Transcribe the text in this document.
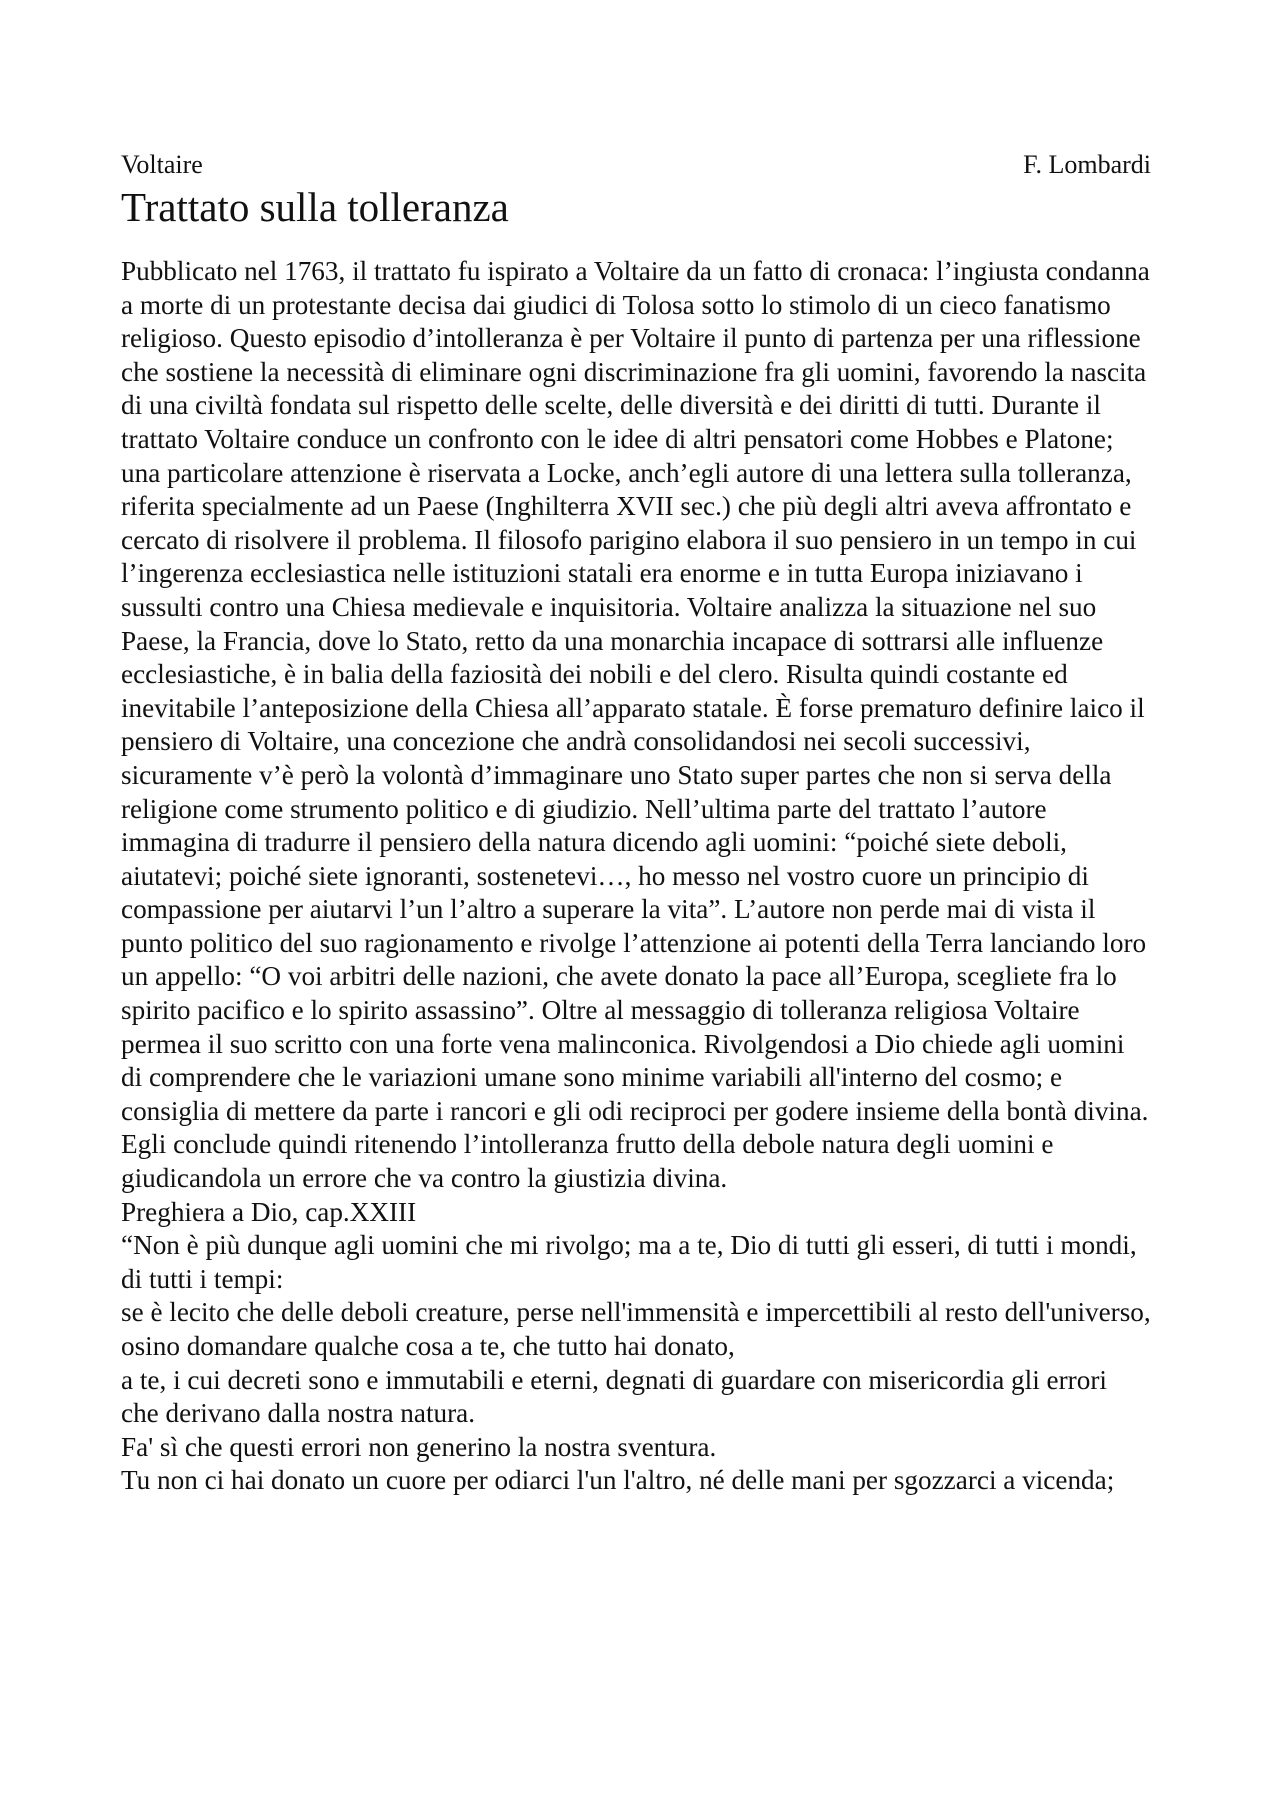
Voltaire	F. Lombardi
Trattato sulla tolleranza

Pubblicato nel 1763, il trattato fu ispirato a Voltaire da un fatto di cronaca: l’ingiusta condanna a morte di un protestante decisa dai giudici di Tolosa sotto lo stimolo di un cieco fanatismo religioso. Questo episodio d’intolleranza è per Voltaire il punto di partenza per una riflessione che sostiene la necessità di eliminare ogni discriminazione fra gli uomini, favorendo la nascita di una civiltà fondata sul rispetto delle scelte, delle diversità e dei diritti di tutti. Durante il trattato Voltaire conduce un confronto con le idee di altri pensatori come Hobbes e Platone; una particolare attenzione è riservata a Locke, anch’egli autore di una lettera sulla tolleranza, riferita specialmente ad un Paese (Inghilterra XVII sec.) che più degli altri aveva affrontato e cercato di risolvere il problema. Il filosofo parigino elabora il suo pensiero in un tempo in cui l’ingerenza ecclesiastica nelle istituzioni statali era enorme e in tutta Europa iniziavano i sussulti contro una Chiesa medievale e inquisitoria. Voltaire analizza la situazione nel suo Paese, la Francia, dove lo Stato, retto da una monarchia incapace di sottrarsi alle influenze ecclesiastiche, è in balia della faziosità dei nobili e del clero. Risulta quindi costante ed inevitabile l’anteposizione della Chiesa all’apparato statale. È forse prematuro definire laico il pensiero di Voltaire, una concezione che andrà consolidandosi nei secoli successivi, sicuramente v’è però la volontà d’immaginare uno Stato super partes che non si serva della religione come strumento politico e di giudizio. Nell’ultima parte del trattato l’autore immagina di tradurre il pensiero della natura dicendo agli uomini: “poiché siete deboli, aiutatevi; poiché siete ignoranti, sostenetevi…, ho messo nel vostro cuore un principio di compassione per aiutarvi l’un l’altro a superare la vita”. L’autore non perde mai di vista il punto politico del suo ragionamento e rivolge l’attenzione ai potenti della Terra lanciando loro un appello: “O voi arbitri delle nazioni, che avete donato la pace all’Europa, scegliete fra lo spirito pacifico e lo spirito assassino”. Oltre al messaggio di tolleranza religiosa Voltaire permea il suo scritto con una forte vena malinconica. Rivolgendosi a Dio chiede agli uomini di comprendere che le variazioni umane sono minime variabili all'interno del cosmo; e consiglia di mettere da parte i rancori e gli odi reciproci per godere insieme della bontà divina. Egli conclude quindi ritenendo l’intolleranza frutto della debole natura degli uomini e giudicandola un errore che va contro la giustizia divina.

Preghiera a Dio, cap.XXIII

“Non è più dunque agli uomini che mi rivolgo; ma a te, Dio di tutti gli esseri, di tutti i mondi, di tutti i tempi:

se è lecito che delle deboli creature, perse nell'immensità e impercettibili al resto dell'universo, osino domandare qualche cosa a te, che tutto hai donato,

a te, i cui decreti sono e immutabili e eterni, degnati di guardare con misericordia gli errori che derivano dalla nostra natura.

Fa' sì che questi errori non generino la nostra sventura.

Tu non ci hai donato un cuore per odiarci l'un l'altro, né delle mani per sgozzarci a vicenda;
